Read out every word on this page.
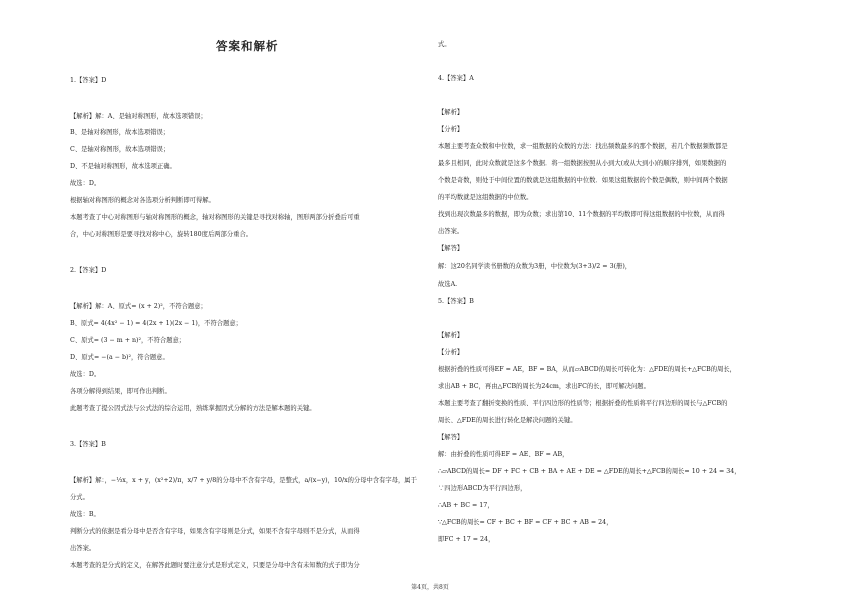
答案和解析
1.【答案】D
【解析】解：A、是轴对称图形，故本选项错误；
B、是轴对称图形，故本选项错误；
C、是轴对称图形，故本选项错误；
D、不是轴对称图形，故本选项正确。
故选：D。
根据轴对称图形的概念对各选项分析判断即可得解。
本题考查了中心对称图形与轴对称图形的概念，轴对称图形的关键是寻找对称轴，图形两部分折叠后可重
合，中心对称图形是要寻找对称中心，旋转180度后两部分重合。
2.【答案】D
【解析】解：A、原式= (x + 2)²，不符合题意；
B、原式= 4(4x² − 1) = 4(2x + 1)(2x − 1)，不符合题意；
C、原式= (3 − m + n)²，不符合题意；
D、原式= −(a − b)²，符合题意。
故选：D。
各项分解得到结果，即可作出判断。
此题考查了提公因式法与公式法的综合运用，熟练掌握因式分解的方法是解本题的关键。
3.【答案】B
【解析】解：，−⅓x，x + y，(x²+2)/π，x/7 + y/8的分母中不含有字母，是整式，a/(x−y)，10/x的分母中含有字母，属于
分式。
故选：B。
判断分式的依据是看分母中是否含有字母，如果含有字母则是分式，如果不含有字母则不是分式，从而得
出答案。
本题考查的是分式的定义，在解答此题时要注意分式是形式定义，只要是分母中含有未知数的式子即为分
式。
4.【答案】A
【解析】
【分析】
本题主要考查众数和中位数，求一组数据的众数的方法：找出频数最多的那个数据，若几个数据频数都是
最多且相同，此时众数就是这多个数据．将一组数据按照从小到大(或从大到小)的顺序排列，如果数据的
个数是奇数，则处于中间位置的数就是这组数据的中位数．如果这组数据的个数是偶数，则中间两个数据
的平均数就是这组数据的中位数。
找到出现次数最多的数据，即为众数；求出第10、11个数据的平均数即可得这组数据的中位数，从而得
出答案。
【解答】
解：这20名同学读书册数的众数为3册，中位数为(3+3)/2 = 3(册)，
故选A.
5.【答案】B
【解析】
【分析】
根据折叠的性质可得EF = AE，BF = BA，从而▱ABCD的周长可转化为：△FDE的周长+△FCB的周长，
求出AB + BC，再由△FCB的周长为24cm，求出FC的长，即可解决问题。
本题主要考查了翻折变换的性质、平行四边形的性质等；根据折叠的性质将平行四边形的周长与△FCB的
周长、△FDE的周长进行转化是解决问题的关键。
【解答】
解：由折叠的性质可得EF = AE、BF = AB，
∴▱ABCD的周长= DF + FC + CB + BA + AE + DE = △FDE的周长+△FCB的周长= 10 + 24 = 34，
∵四边形ABCD为平行四边形，
∴AB + BC = 17，
∵△FCB的周长= CF + BC + BF = CF + BC + AB = 24，
即FC + 17 = 24，
第4页，共8页
